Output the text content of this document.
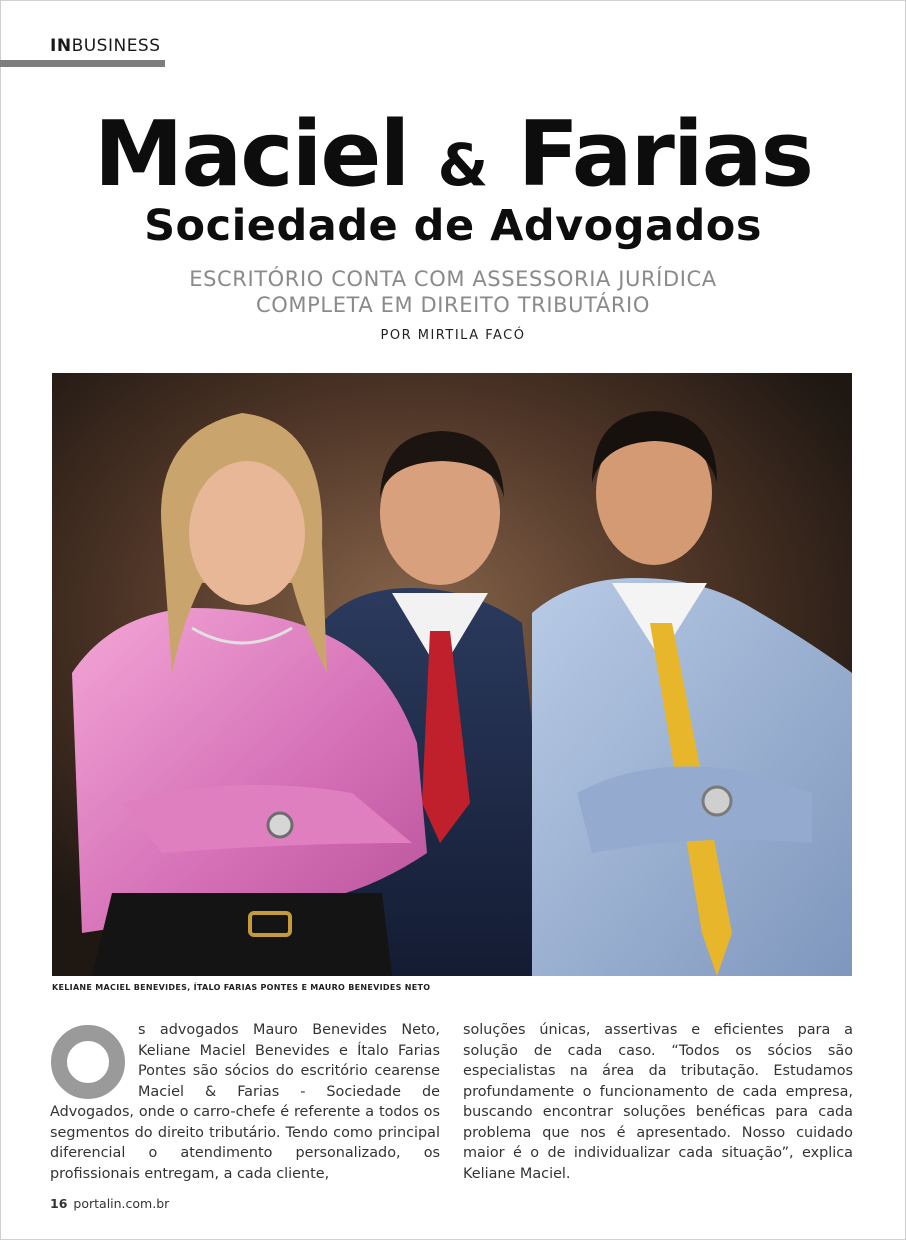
INBUSINESS
Maciel & Farias
Sociedade de Advogados
ESCRITÓRIO CONTA COM ASSESSORIA JURÍDICA
COMPLETA EM DIREITO TRIBUTÁRIO
POR MIRTILA FACÓ
KELIANE MACIEL BENEVIDES, ÍTALO FARIAS PONTES E MAURO BENEVIDES NETO
s advogados Mauro Benevides Neto, Keliane Maciel Benevides e Ítalo Farias Pontes são sócios do escritório cearense Maciel & Farias - Sociedade de Advogados, onde o carro-chefe é referente a todos os segmentos do direito tributário. Tendo como principal diferencial o atendimento personalizado, os profissionais entregam, a cada cliente,
soluções únicas, assertivas e eficientes para a solução de cada caso. “Todos os sócios são especialistas na área da tributação. Estudamos profundamente o funcionamento de cada empresa, buscando encontrar soluções benéficas para cada problema que nos é apresentado. Nosso cuidado maior é o de individualizar cada situação”, explica Keliane Maciel.
16 portalin.com.br
